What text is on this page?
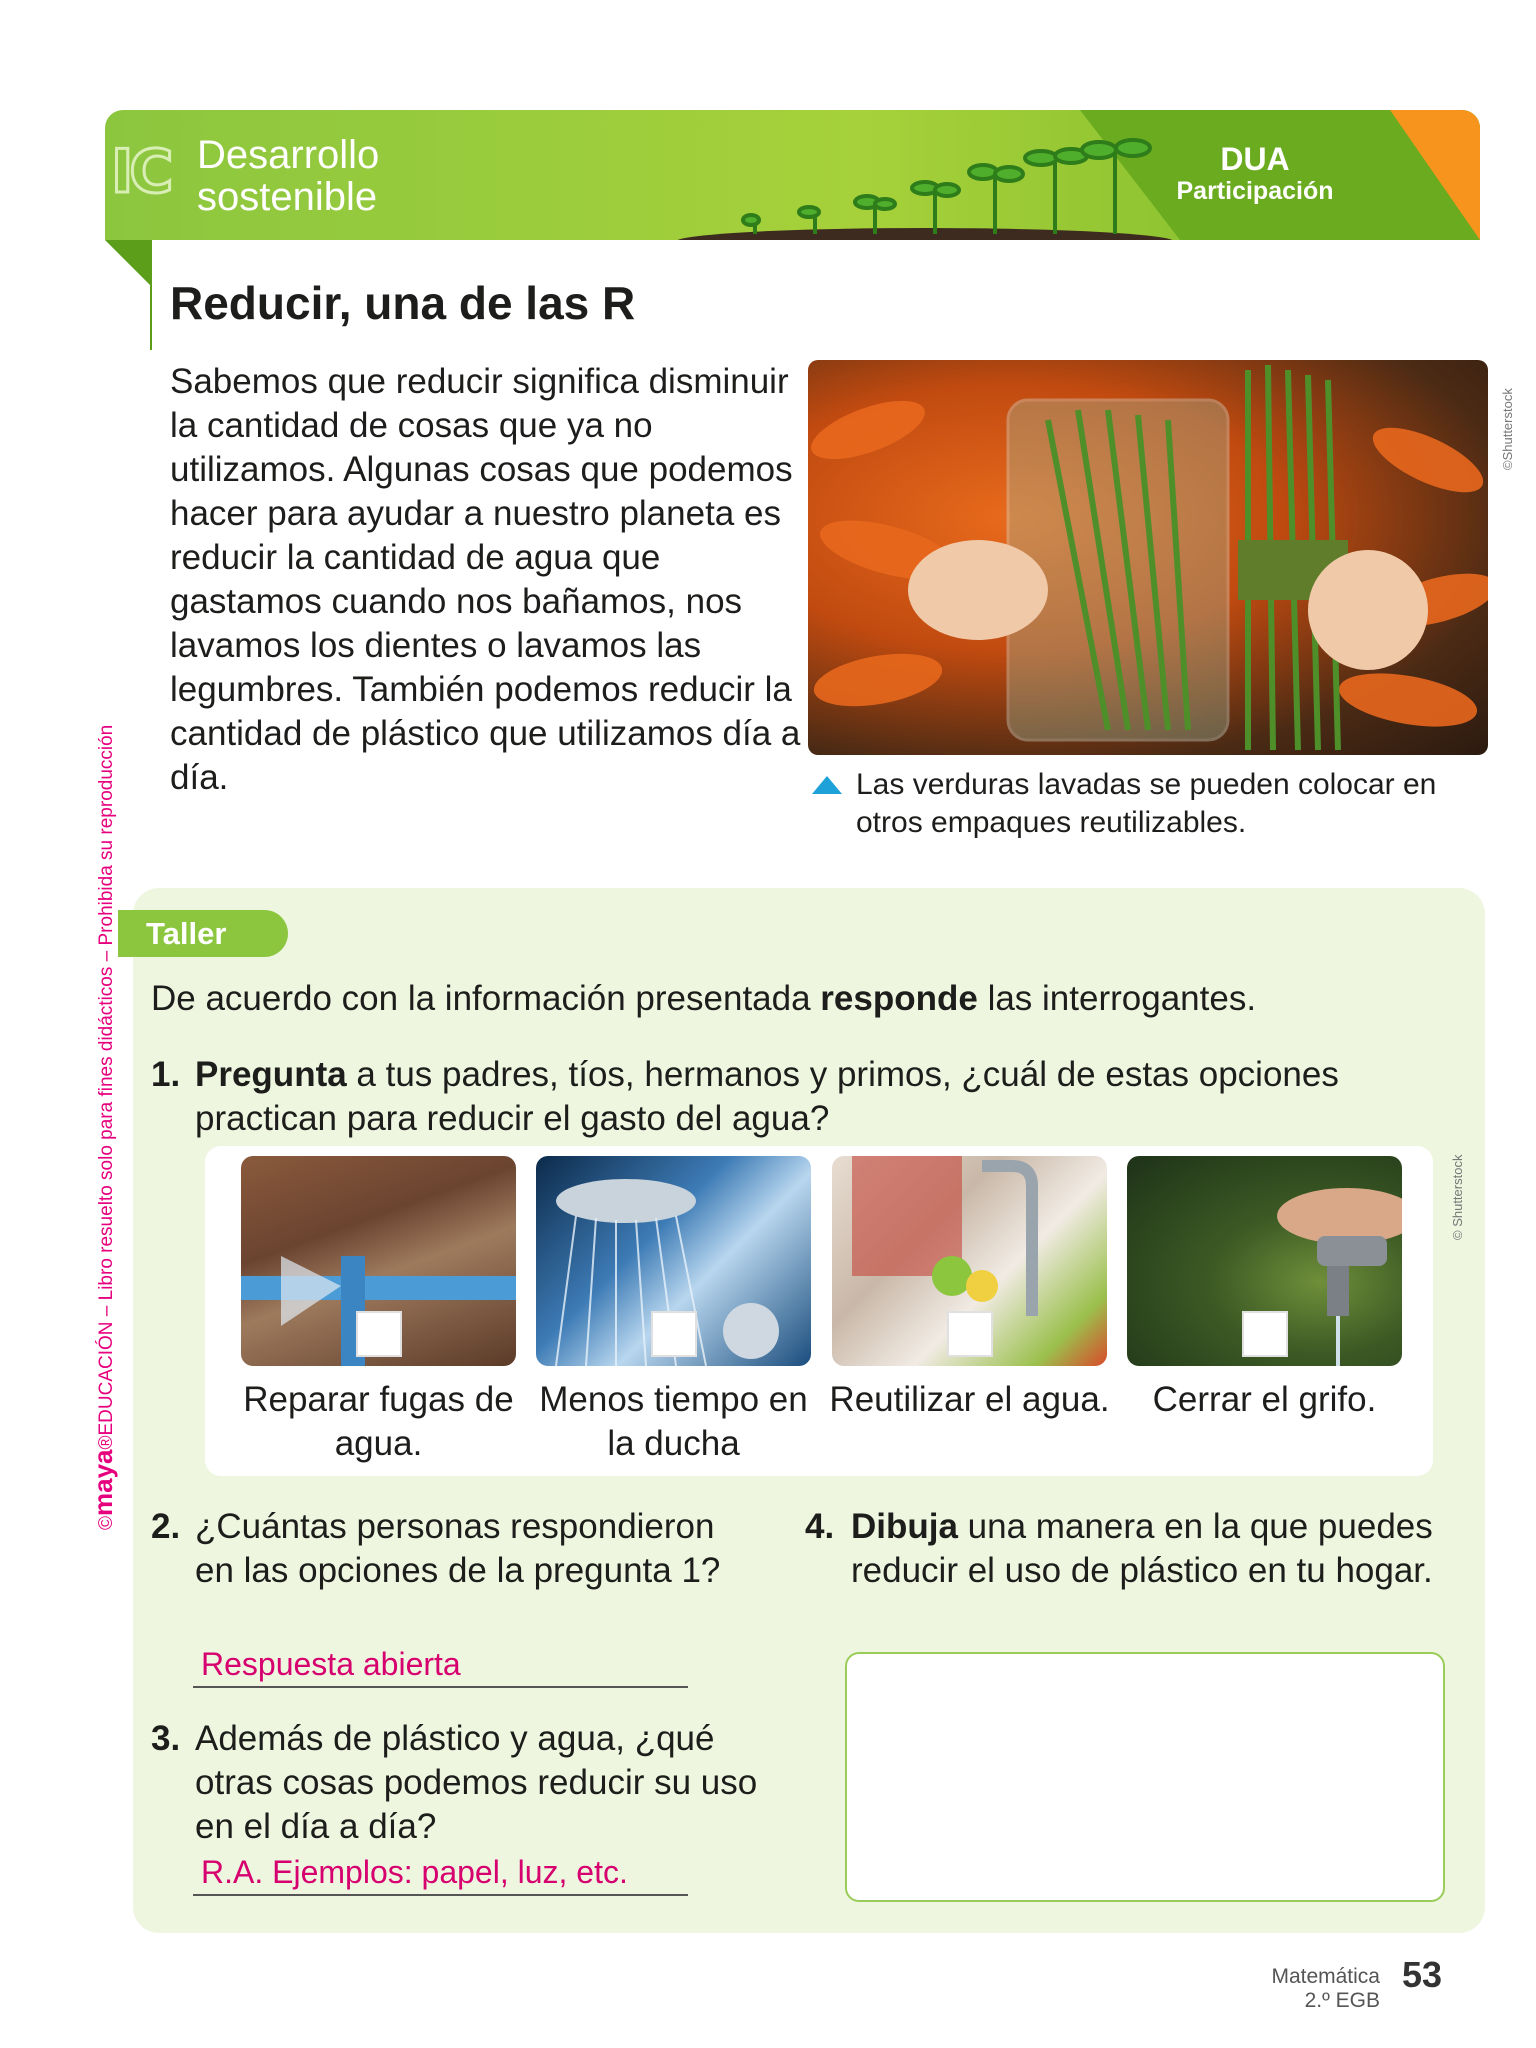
IC Desarrollo
sostenible
DUA
Participación
©maya®EDUCACIÓN – Libro resuelto solo para fines didácticos – Prohibida su reproducción
Reducir, una de las R

Sabemos que reducir significa disminuir la cantidad de cosas que ya no utilizamos. Algunas cosas que podemos hacer para ayudar a nuestro planeta es reducir la cantidad de agua que gastamos cuando nos bañamos, nos lavamos los dientes o lavamos las legumbres. También podemos reducir la cantidad de plástico que utilizamos día a día.

©Shutterstock
Las verduras lavadas se pueden colocar en otros empaques reutilizables.
Taller

De acuerdo con la información presentada responde las interrogantes.

1. Pregunta a tus padres, tíos, hermanos y primos, ¿cuál de estas opciones practican para reducir el gasto del agua?
Reparar fugas de agua.
Menos tiempo en la ducha
Reutilizar el agua.	Cerrar el grifo.
© Shutterstock
2. ¿Cuántas personas respondieron en las opciones de la pregunta 1?
Respuesta abierta
3. Además de plástico y agua, ¿qué otras cosas podemos reducir su uso en el día a día?
R.A. Ejemplos: papel, luz, etc.
4. Dibuja una manera en la que puedes reducir el uso de plástico en tu hogar.
Matemática
2.º EGB
53
